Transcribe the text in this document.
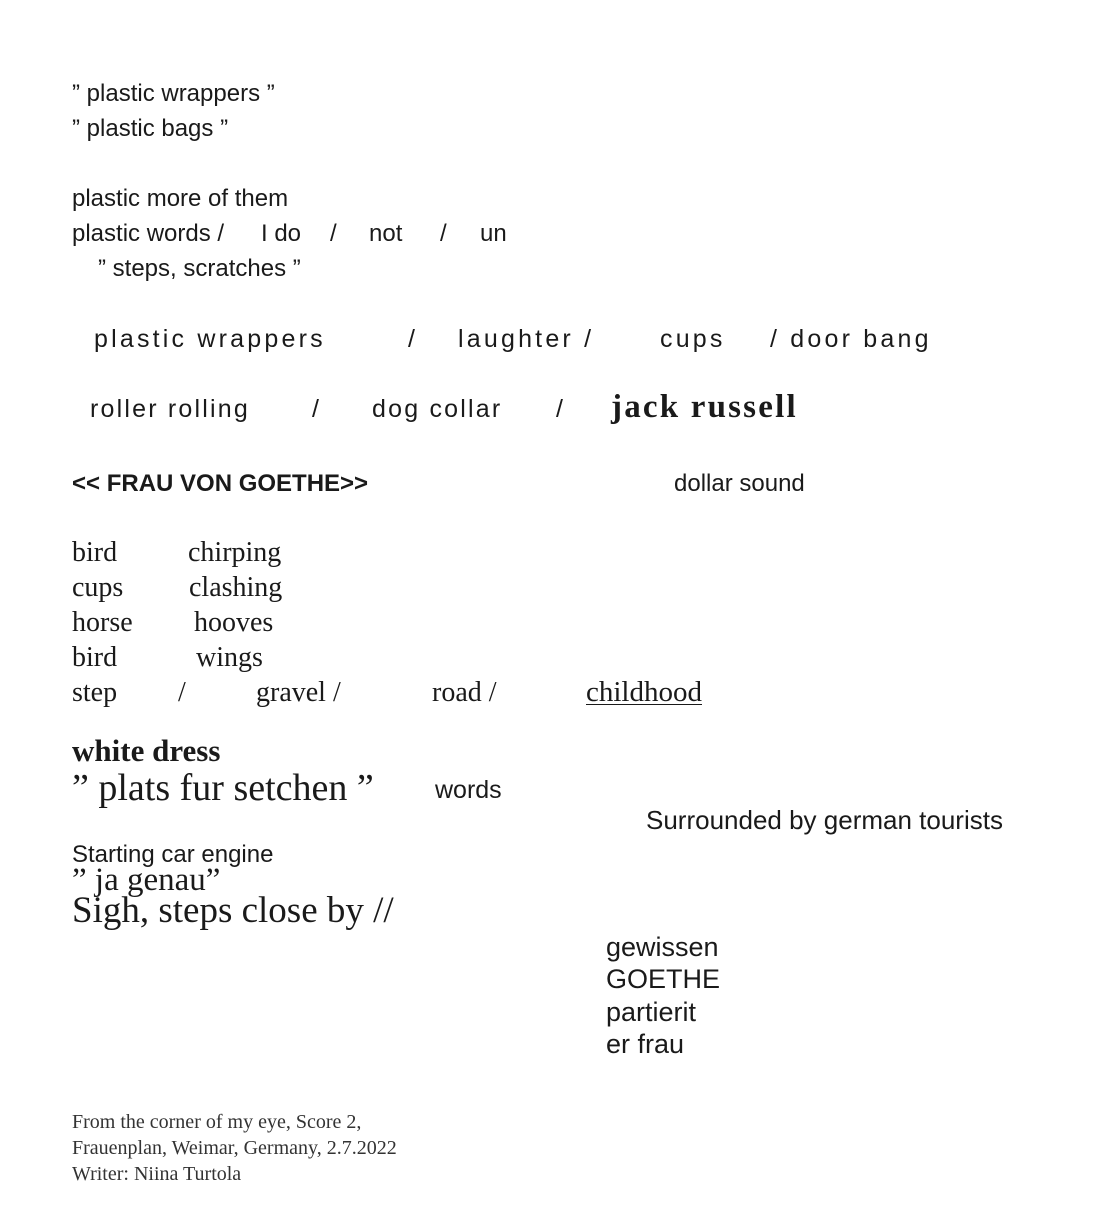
” plastic wrappers ”
” plastic bags ”
plastic more of them
plastic words / I do / not / un
” steps, scratches ”
plastic wrappers	/ laughter /	cups / door bang
roller rolling / dog collar / jack russell
<< FRAU VON GOETHE>>	dollar sound
bird	chirping
cups clashing
horse hooves
bird	wings
step /	gravel /	road /	childhood
white dress
” plats fur setchen ” words
Surrounded by german tourists
Starting car engine
” ja genau”
Sigh, steps close by //
gewissen
GOETHE
partierit
er frau
From the corner of my eye, Score 2,
Frauenplan, Weimar, Germany, 2.7.2022
Writer: Niina Turtola
